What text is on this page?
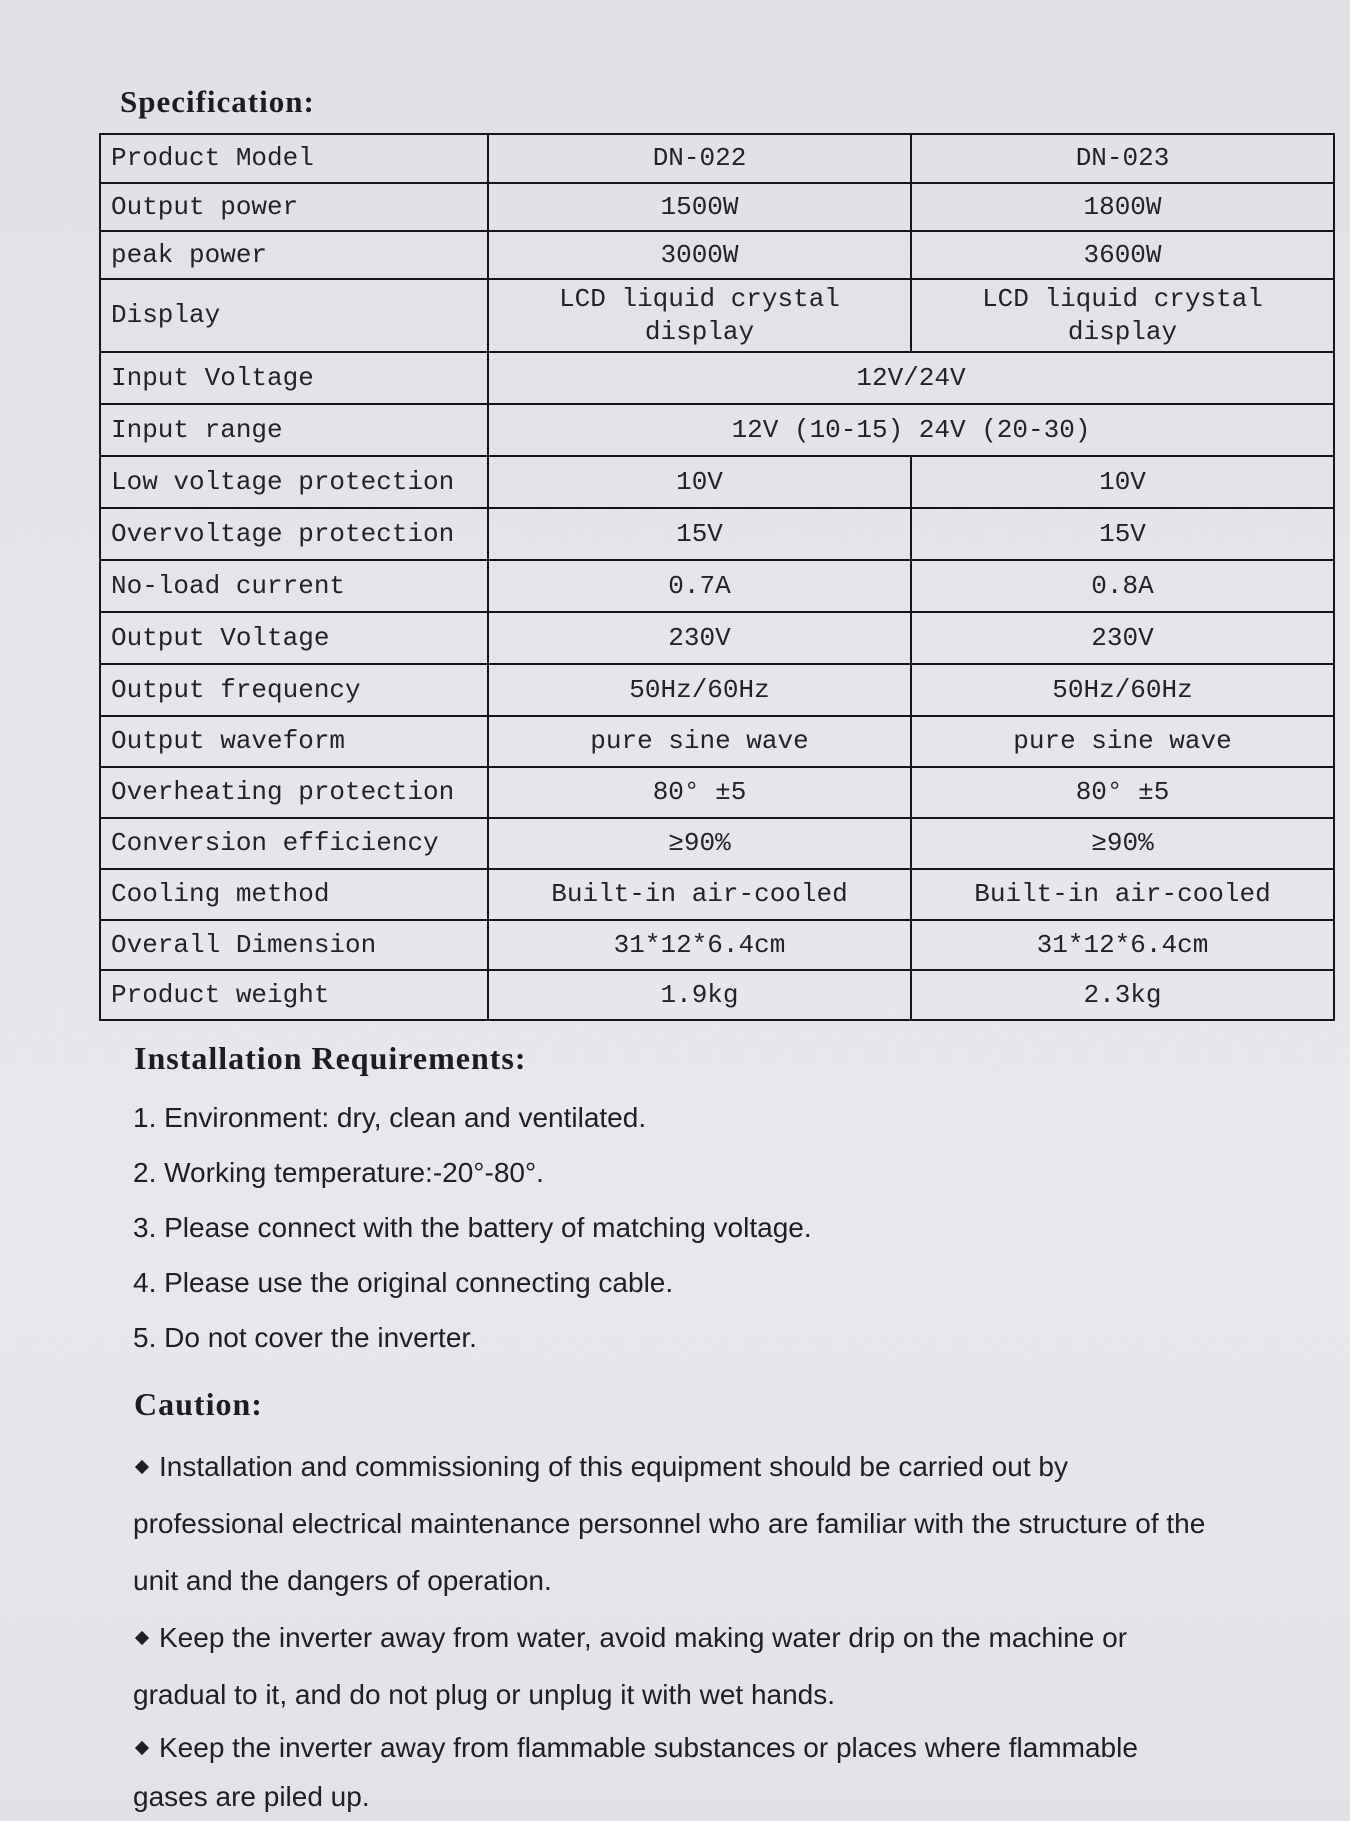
Specification:
Product Model	DN-022	DN-023
Output power	1500W	1800W
peak power	3000W	3600W
Display	LCD liquid crystal display	LCD liquid crystal display
Input Voltage	12V/24V	
Input range	12V (10-15) 24V (20-30)	
Low voltage protection	10V	10V
Overvoltage protection	15V	15V
No-load current	0.7A	0.8A
Output Voltage	230V	230V
Output frequency	50Hz/60Hz	50Hz/60Hz
Output waveform	pure sine wave	pure sine wave
Overheating protection	80° ±5	80° ±5
Conversion efficiency	≥90%	≥90%
Cooling method	Built-in air-cooled	Built-in air-cooled
Overall Dimension	31*12*6.4cm	31*12*6.4cm
Product weight	1.9kg	2.3kg
Installation Requirements:
1. Environment: dry, clean and ventilated.
2. Working temperature:-20°-80°.
3. Please connect with the battery of matching voltage.
4. Please use the original connecting cable.
5. Do not cover the inverter.
Caution:
Installation and commissioning of this equipment should be carried out by professional electrical maintenance personnel who are familiar with the structure of the unit and the dangers of operation.
Keep the inverter away from water, avoid making water drip on the machine or gradual to it, and do not plug or unplug it with wet hands.
Keep the inverter away from flammable substances or places where flammable gases are piled up.
